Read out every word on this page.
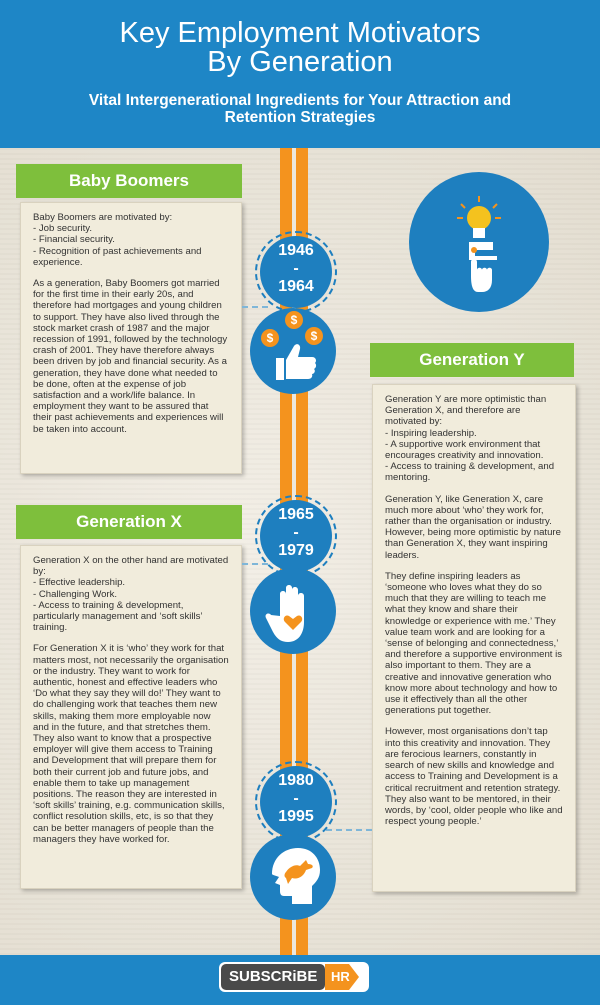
Key Employment Motivators
By Generation
Vital Intergenerational Ingredients for Your Attraction and Retention Strategies
Baby Boomers

Baby Boomers are motivated by:
- Job security.
- Financial security.
- Recognition of past achievements and experience.

As a generation, Baby Boomers got married for the first time in their early 20s, and therefore had mortgages and young children to support. They have also lived through the stock market crash of 1987 and the major recession of 1991, followed by the technology crash of 2001. They have therefore always been driven by job and financial security. As a generation, they have done what needed to be done, often at the expense of job satisfaction and a work/life balance. In employment they want to be assured that their past achievements and experiences will be taken into account.

1946
-
1964
$
$
$
Generation Y

Generation Y are more optimistic than Generation X, and therefore are motivated by:
- Inspiring leadership.
- A supportive work environment that encourages creativity and innovation.
- Access to training & development, and mentoring.

Generation Y, like Generation X, care much more about ‘who’ they work for, rather than the organisation or industry. However, being more optimistic by nature than Generation X, they want inspiring leaders.

They define inspiring leaders as ‘someone who loves what they do so much that they are willing to teach me what they know and share their knowledge or experience with me.’ They value team work and are looking for a ‘sense of belonging and connectedness,’ and therefore a supportive environment is also important to them. They are a creative and innovative generation who know more about technology and how to use it effectively than all the other generations put together.

However, most organisations don’t tap into this creativity and innovation. They are ferocious learners, constantly in search of new skills and knowledge and access to Training and Development is a critical recruitment and retention strategy. They also want to be mentored, in their words, by ‘cool, older people who like and respect young people.’

Generation X

Generation X on the other hand are motivated by:
- Effective leadership.
- Challenging Work.
- Access to training & development, particularly management and ‘soft skills’ training.

For Generation X it is ‘who’ they work for that matters most, not necessarily the organisation or the industry. They want to work for authentic, honest and effective leaders who ‘Do what they say they will do!’ They want to do challenging work that teaches them new skills, making them more employable now and in the future, and that stretches them. They also want to know that a prospective employer will give them access to Training and Development that will prepare them for both their current job and future jobs, and enable them to take up management positions. The reason they are interested in ‘soft skills’ training, e.g. communication skills, conflict resolution skills, etc, is so that they can be better managers of people than the managers they have worked for.

1965
-
1979
1980
-
1995
SUBSCRiBE HR
